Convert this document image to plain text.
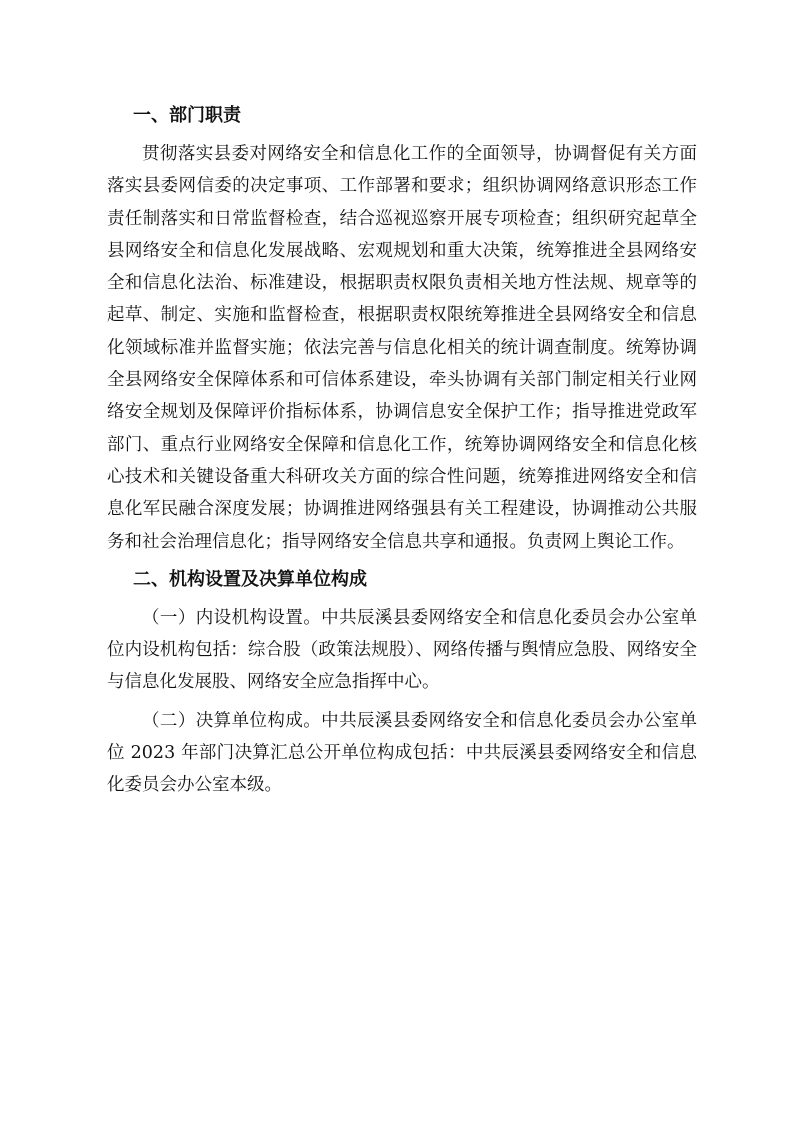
一、部门职责

贯彻落实县委对网络安全和信息化工作的全面领导，协调督促有关方面落实县委网信委的决定事项、工作部署和要求；组织协调网络意识形态工作责任制落实和日常监督检查，结合巡视巡察开展专项检查；组织研究起草全县网络安全和信息化发展战略、宏观规划和重大决策，统筹推进全县网络安全和信息化法治、标准建设，根据职责权限负责相关地方性法规、规章等的起草、制定、实施和监督检查，根据职责权限统筹推进全县网络安全和信息化领域标准并监督实施；依法完善与信息化相关的统计调查制度。统筹协调全县网络安全保障体系和可信体系建设，牵头协调有关部门制定相关行业网络安全规划及保障评价指标体系，协调信息安全保护工作；指导推进党政军部门、重点行业网络安全保障和信息化工作，统筹协调网络安全和信息化核心技术和关键设备重大科研攻关方面的综合性问题，统筹推进网络安全和信息化军民融合深度发展；协调推进网络强县有关工程建设，协调推动公共服务和社会治理信息化；指导网络安全信息共享和通报。负责网上舆论工作。

二、机构设置及决算单位构成

（一）内设机构设置。中共辰溪县委网络安全和信息化委员会办公室单位内设机构包括：综合股（政策法规股）、网络传播与舆情应急股、网络安全与信息化发展股、网络安全应急指挥中心。

（二）决算单位构成。中共辰溪县委网络安全和信息化委员会办公室单位 2023 年部门决算汇总公开单位构成包括：中共辰溪县委网络安全和信息化委员会办公室本级。
